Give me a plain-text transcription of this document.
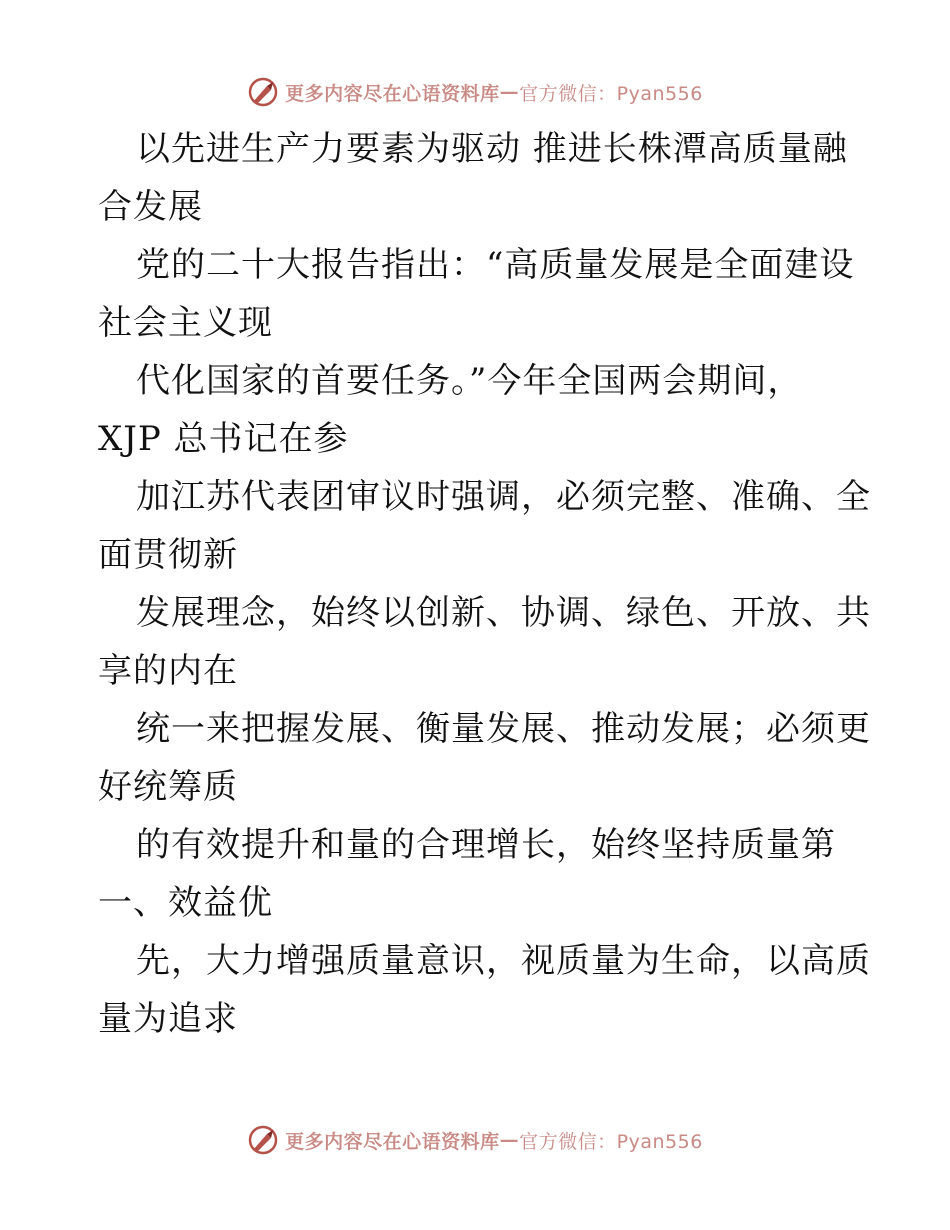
更多内容尽在心语资料库 — 官方微信：Pyan556
以先进生产力要素为驱动 推进长株潭高质量融
合发展
党的二十大报告指出：“高质量发展是全面建设
社会主义现
代化国家的首要任务。”今年全国两会期间，
XJP 总书记在参
加江苏代表团审议时强调，必须完整、准确、全
面贯彻新
发展理念，始终以创新、协调、绿色、开放、共
享的内在
统一来把握发展、衡量发展、推动发展；必须更
好统筹质
的有效提升和量的合理增长，始终坚持质量第
一、效益优
先，大力增强质量意识，视质量为生命，以高质
量为追求
更多内容尽在心语资料库 — 官方微信：Pyan556
